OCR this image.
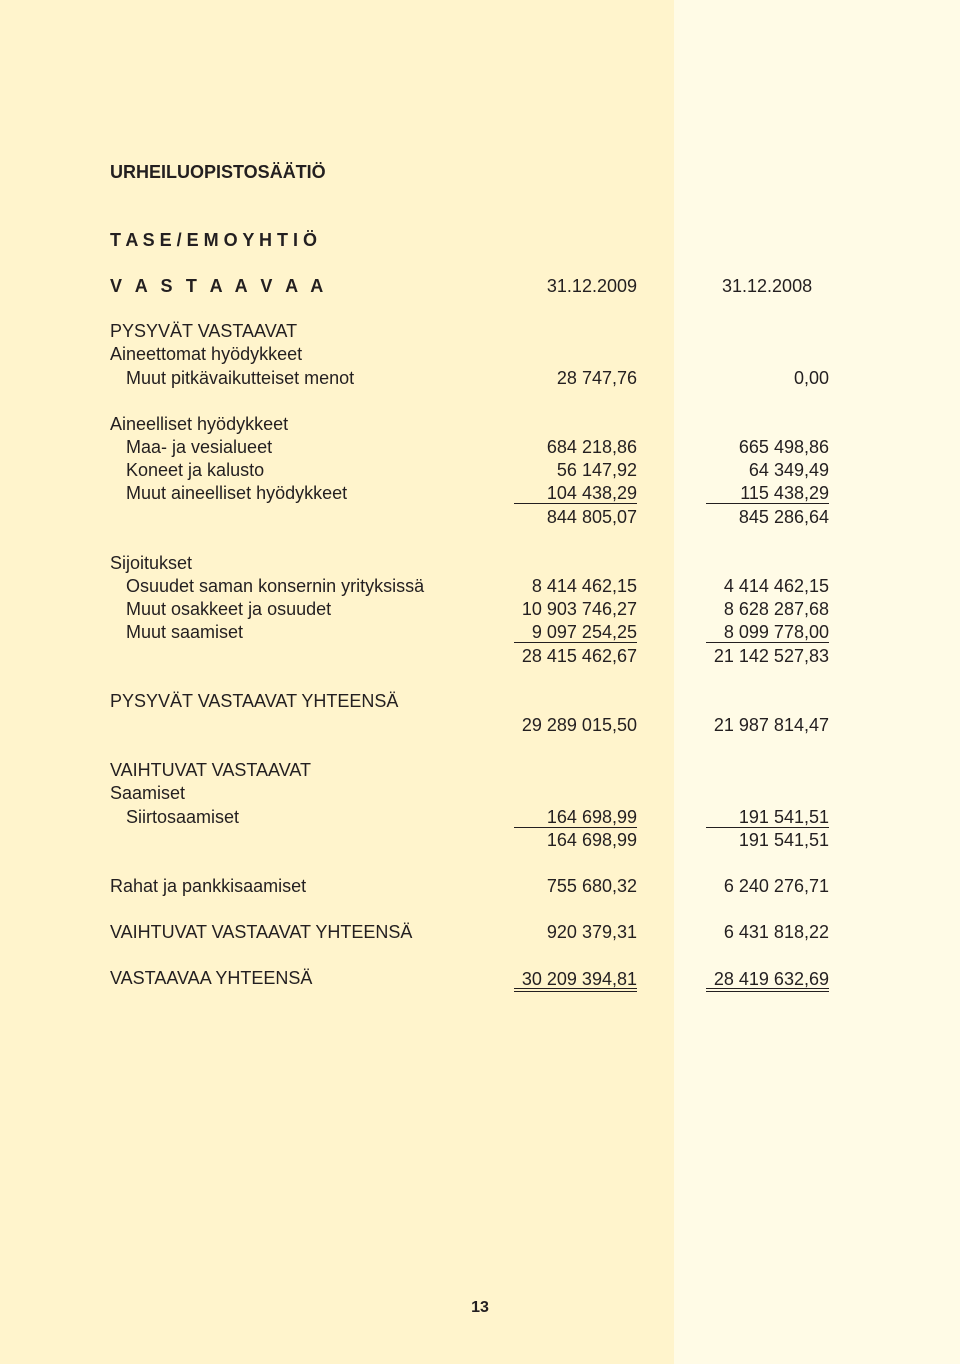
URHEILUOPISTOSÄÄTIÖ
T A S E / E M O Y H T I Ö
V A S T A A V A A	31.12.2009	31.12.2008
PYSYVÄT VASTAAVAT
Aineettomat hyödykkeet
Muut pitkävaikutteiset menot	28 747,76	0,00
Aineelliset hyödykkeet
Maa- ja vesialueet	684 218,86	665 498,86
Koneet ja kalusto	56 147,92	64 349,49
Muut aineelliset hyödykkeet	104 438,29	115 438,29
844 805,07	845 286,64
Sijoitukset
Osuudet saman konsernin yrityksissä	8 414 462,15	4 414 462,15
Muut osakkeet ja osuudet	10 903 746,27	8 628 287,68
Muut saamiset	9 097 254,25	8 099 778,00
28 415 462,67	21 142 527,83
PYSYVÄT VASTAAVAT YHTEENSÄ
29 289 015,50	21 987 814,47
VAIHTUVAT VASTAAVAT
Saamiset
Siirtosaamiset	164 698,99	191 541,51
164 698,99	191 541,51
Rahat ja pankkisaamiset	755 680,32	6 240 276,71
VAIHTUVAT VASTAAVAT YHTEENSÄ	920 379,31	6 431 818,22
VASTAAVAA YHTEENSÄ	30 209 394,81	28 419 632,69
13
